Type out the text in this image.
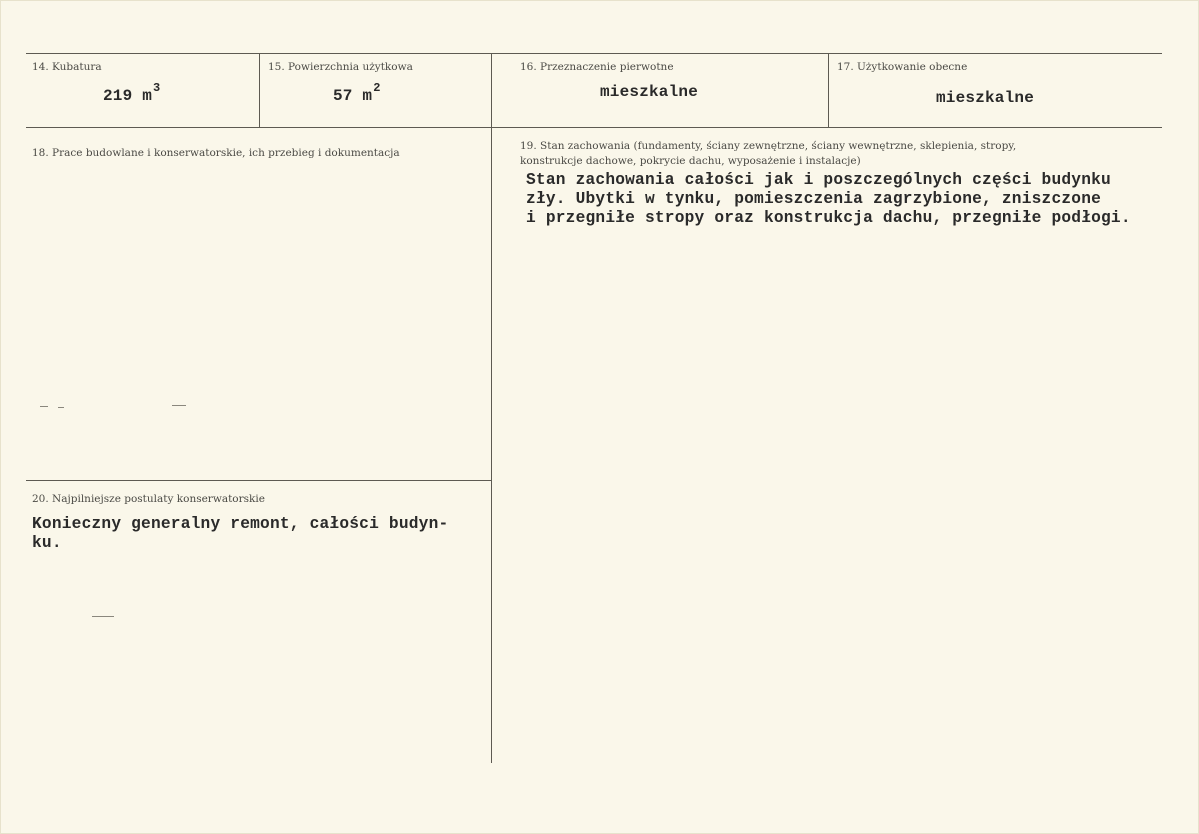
14. Kubatura
219 $m^3$
15. Powierzchnia użytkowa
57 $m^2$
16. Przeznaczenie pierwotne
mieszkalne
17. Użytkowanie obecne
mieszkalne
18. Prace budowlane i konserwatorskie, ich przebieg i dokumentacja
19. Stan zachowania (fundamenty, ściany zewnętrzne, ściany wewnętrzne, sklepienia, stropy, konstrukcje dachowe, pokrycie dachu, wyposażenie i instalacje)
Stan zachowania całości jak i poszczególnych części budynku
zły. Ubytki w tynku, pomieszczenia zagrzybione, zniszczone
i przegniłe stropy oraz konstrukcja dachu, przegniłe podłogi.
20. Najpilniejsze postulaty konserwatorskie
Konieczny generalny remont, całości budyn-
ku.
